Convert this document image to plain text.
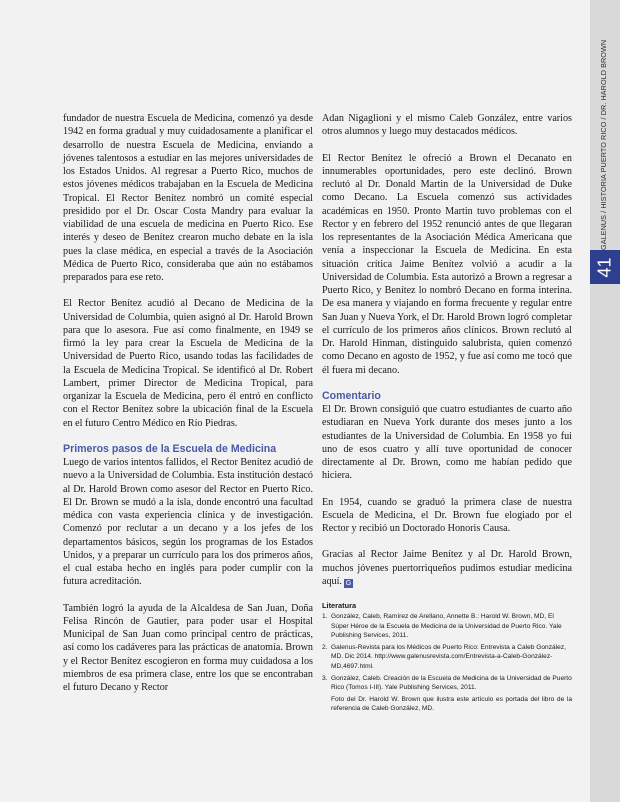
GALENUS / HISTORIA PUERTO RICO / DR. HAROLD BROWN
41

fundador de nuestra Escuela de Medicina, comenzó ya desde 1942 en forma gradual y muy cuidadosamente a planificar el desarrollo de nuestra Escuela de Medicina, enviando a jóvenes talentosos a estudiar en las mejores universidades de los Estados Unidos. Al regresar a Puerto Rico, muchos de estos jóvenes médicos trabajaban en la Escuela de Medicina Tropical. El Rector Benítez nombró un comité especial presidido por el Dr. Oscar Costa Mandry para evaluar la viabilidad de una escuela de medicina en Puerto Rico. Ese interés y deseo de Benítez crearon mucho debate en la isla pues la clase médica, en especial a través de la Asociación Médica de Puerto Rico, consideraba que aún no estábamos preparados para ese reto.

El Rector Benítez acudió al Decano de Medicina de la Universidad de Columbia, quien asignó al Dr. Harold Brown para que lo asesora. Fue así como finalmente, en 1949 se firmó la ley para crear la Escuela de Medicina de la Universidad de Puerto Rico, usando todas las facilidades de la Escuela de Medicina Tropical. Se identificó al Dr. Robert Lambert, primer Director de Medicina Tropical, para organizar la Escuela de Medicina, pero él entró en conflicto con el Rector Benítez sobre la ubicación final de la Escuela en el futuro Centro Médico en Río Piedras.

Primeros pasos de la Escuela de Medicina

Luego de varios intentos fallidos, el Rector Benítez acudió de nuevo a la Universidad de Columbia. Esta institución destacó al Dr. Harold Brown como asesor del Rector en Puerto Rico. El Dr. Brown se mudó a la isla, donde encontró una facultad médica con vasta experiencia clínica y de investigación. Comenzó por reclutar a un decano y a los jefes de los departamentos básicos, según los programas de los Estados Unidos, y a preparar un currículo para los dos primeros años, el cual estaba hecho en inglés para poder cumplir con la futura acreditación.

También logró la ayuda de la Alcaldesa de San Juan, Doña Felisa Rincón de Gautier, para poder usar el Hospital Municipal de San Juan como principal centro de prácticas, así como los cadáveres para las prácticas de anatomía. Brown y el Rector Benítez escogieron en forma muy cuidadosa a los miembros de esa primera clase, entre los que se encontraban el futuro Decano y Rector

Adan Nigaglioni y el mismo Caleb González, entre varios otros alumnos y luego muy destacados médicos.

El Rector Benítez le ofreció a Brown el Decanato en innumerables oportunidades, pero este declinó. Brown reclutó al Dr. Donald Martin de la Universidad de Duke como Decano. La Escuela comenzó sus actividades académicas en 1950. Pronto Martin tuvo problemas con el Rector y en febrero del 1952 renunció antes de que llegaran los representantes de la Asociación Médica Americana que venía a inspeccionar la Escuela de Medicina. En esta situación crítica Jaime Benítez volvió a acudir a la Universidad de Columbia. Esta autorizó a Brown a regresar a Puerto Rico, y Benítez lo nombró Decano en forma interina. De esa manera y viajando en forma frecuente y regular entre San Juan y Nueva York, el Dr. Harold Brown logró completar el currículo de los primeros años clínicos. Brown reclutó al Dr. Harold Hinman, distinguido salubrista, quien comenzó como Decano en agosto de 1952, y fue así como me tocó que él fuera mi decano.

Comentario

El Dr. Brown consiguió que cuatro estudiantes de cuarto año estudiaran en Nueva York durante dos meses junto a los estudiantes de la Universidad de Columbia. En 1958 yo fui uno de esos cuatro y allí tuve oportunidad de conocer directamente al Dr. Brown, como me habían pedido que hiciera.

En 1954, cuando se graduó la primera clase de nuestra Escuela de Medicina, el Dr. Brown fue elogiado por el Rector y recibió un Doctorado Honoris Causa.

Gracias al Rector Jaime Benítez y al Dr. Harold Brown, muchos jóvenes puertorriqueños pudimos estudiar medicina aquí. G

Literatura
1. González, Caleb, Ramírez de Arellano, Annette B.: Harold W. Brown, MD, El Súper Héroe de la Escuela de Medicina de la Universidad de Puerto Rico. Yale Publishing Services, 2011.
2. Galenus-Revista para los Médicos de Puerto Rico: Entrevista a Caleb González, MD. Dic 2014. http://www.galenusrevista.com/Entrevista-a-Caleb-González-MD,4697.html.
3. González, Caleb. Creación de la Escuela de Medicina de la Universidad de Puerto Rico (Tomos I-III). Yale Publishing Services, 2011.

Foto del Dr. Harold W. Brown que ilustra este artículo es portada del libro de la referencia de Caleb González, MD.
